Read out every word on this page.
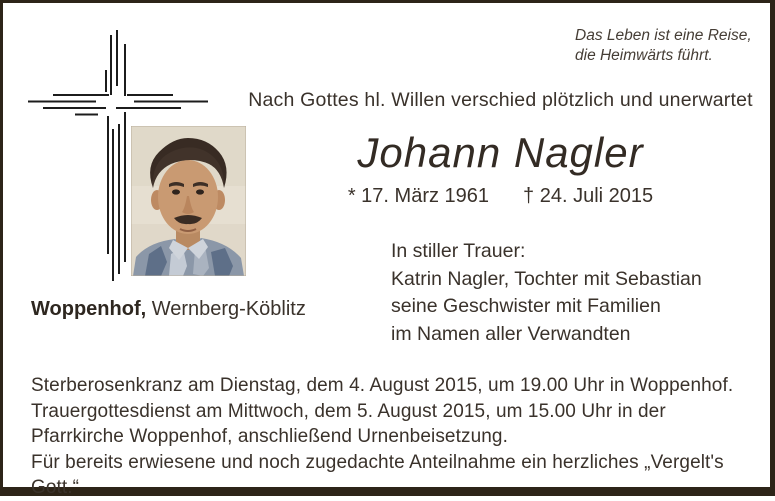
Das Leben ist eine Reise,
die Heimwärts führt.
Nach Gottes hl. Willen verschied plötzlich und unerwartet
Johann Nagler
* 17. März 1961 † 24. Juli 2015
In stiller Trauer:
Katrin Nagler, Tochter mit Sebastian
seine Geschwister mit Familien
im Namen aller Verwandten
Woppenhof, Wernberg-Köblitz
Sterberosenkranz am Dienstag, dem 4. August 2015, um 19.00 Uhr in Woppenhof.
Trauergottesdienst am Mittwoch, dem 5. August 2015, um 15.00 Uhr in der
Pfarrkirche Woppenhof, anschließend Urnenbeisetzung.
Für bereits erwiesene und noch zugedachte Anteilnahme ein herzliches „Vergelt's Gott.“
